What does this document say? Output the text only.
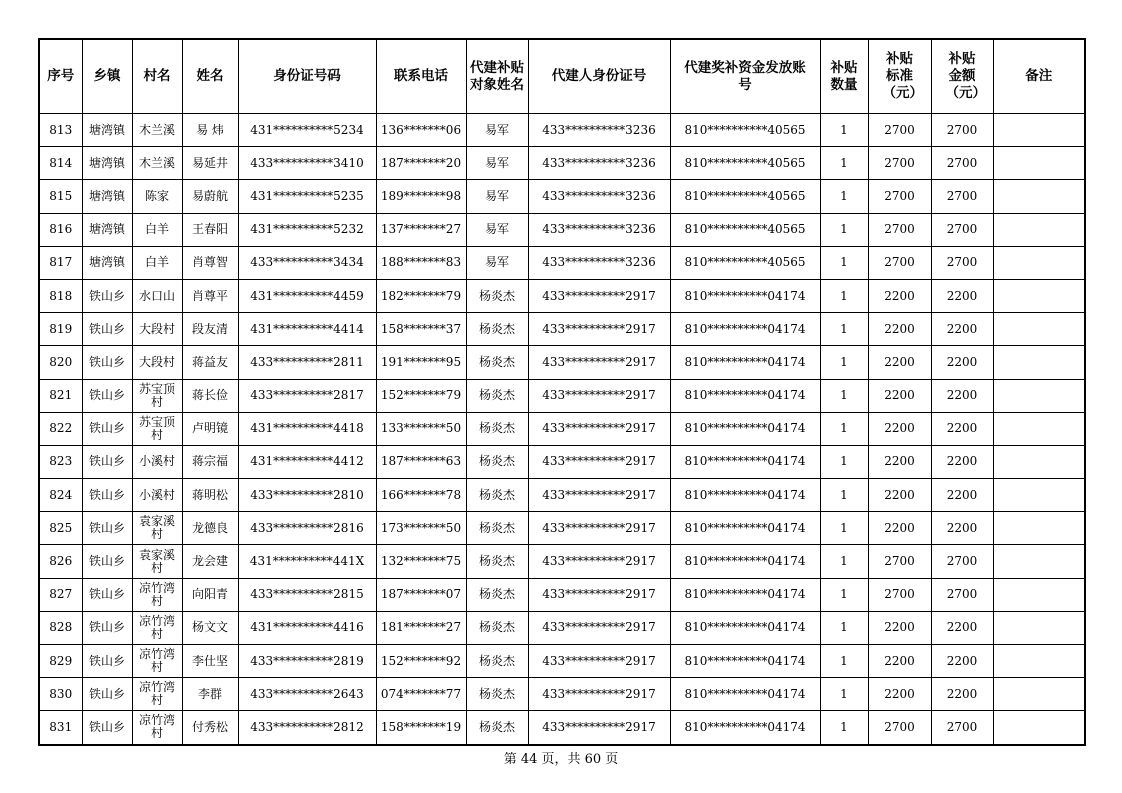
序号	乡镇	村名	姓名	身份证号码	联系电话	代建补贴对象姓名	代建人身份证号	代建奖补资金发放账号	补贴数量	补贴标准（元）	补贴金额（元）	备注
813	塘湾镇	木兰溪	易 炜	431**********5234	136*******06	易军	433**********3236	810**********40565	1	2700	2700	
814	塘湾镇	木兰溪	易延井	433**********3410	187*******20	易军	433**********3236	810**********40565	1	2700	2700	
815	塘湾镇	陈家	易蔚航	431**********5235	189*******98	易军	433**********3236	810**********40565	1	2700	2700	
816	塘湾镇	白羊	王春阳	431**********5232	137*******27	易军	433**********3236	810**********40565	1	2700	2700	
817	塘湾镇	白羊	肖尊智	433**********3434	188*******83	易军	433**********3236	810**********40565	1	2700	2700	
818	铁山乡	水口山	肖尊平	431**********4459	182*******79	杨炎杰	433**********2917	810**********04174	1	2200	2200	
819	铁山乡	大段村	段友清	431**********4414	158*******37	杨炎杰	433**********2917	810**********04174	1	2200	2200	
820	铁山乡	大段村	蒋益友	433**********2811	191*******95	杨炎杰	433**********2917	810**********04174	1	2200	2200	
821	铁山乡	苏宝顶村	蒋长俭	433**********2817	152*******79	杨炎杰	433**********2917	810**********04174	1	2200	2200	
822	铁山乡	苏宝顶村	卢明镜	431**********4418	133*******50	杨炎杰	433**********2917	810**********04174	1	2200	2200	
823	铁山乡	小溪村	蒋宗福	431**********4412	187*******63	杨炎杰	433**********2917	810**********04174	1	2200	2200	
824	铁山乡	小溪村	蒋明松	433**********2810	166*******78	杨炎杰	433**********2917	810**********04174	1	2200	2200	
825	铁山乡	袁家溪村	龙德良	433**********2816	173*******50	杨炎杰	433**********2917	810**********04174	1	2200	2200	
826	铁山乡	袁家溪村	龙会建	431**********441X	132*******75	杨炎杰	433**********2917	810**********04174	1	2700	2700	
827	铁山乡	凉竹湾村	向阳青	433**********2815	187*******07	杨炎杰	433**********2917	810**********04174	1	2700	2700	
828	铁山乡	凉竹湾村	杨文文	431**********4416	181*******27	杨炎杰	433**********2917	810**********04174	1	2200	2200	
829	铁山乡	凉竹湾村	李仕坚	433**********2819	152*******92	杨炎杰	433**********2917	810**********04174	1	2200	2200	
830	铁山乡	凉竹湾村	李群	433**********2643	074*******77	杨炎杰	433**********2917	810**********04174	1	2200	2200	
831	铁山乡	凉竹湾村	付秀松	433**********2812	158*******19	杨炎杰	433**********2917	810**********04174	1	2700	2700	
第 44 页，共 60 页
